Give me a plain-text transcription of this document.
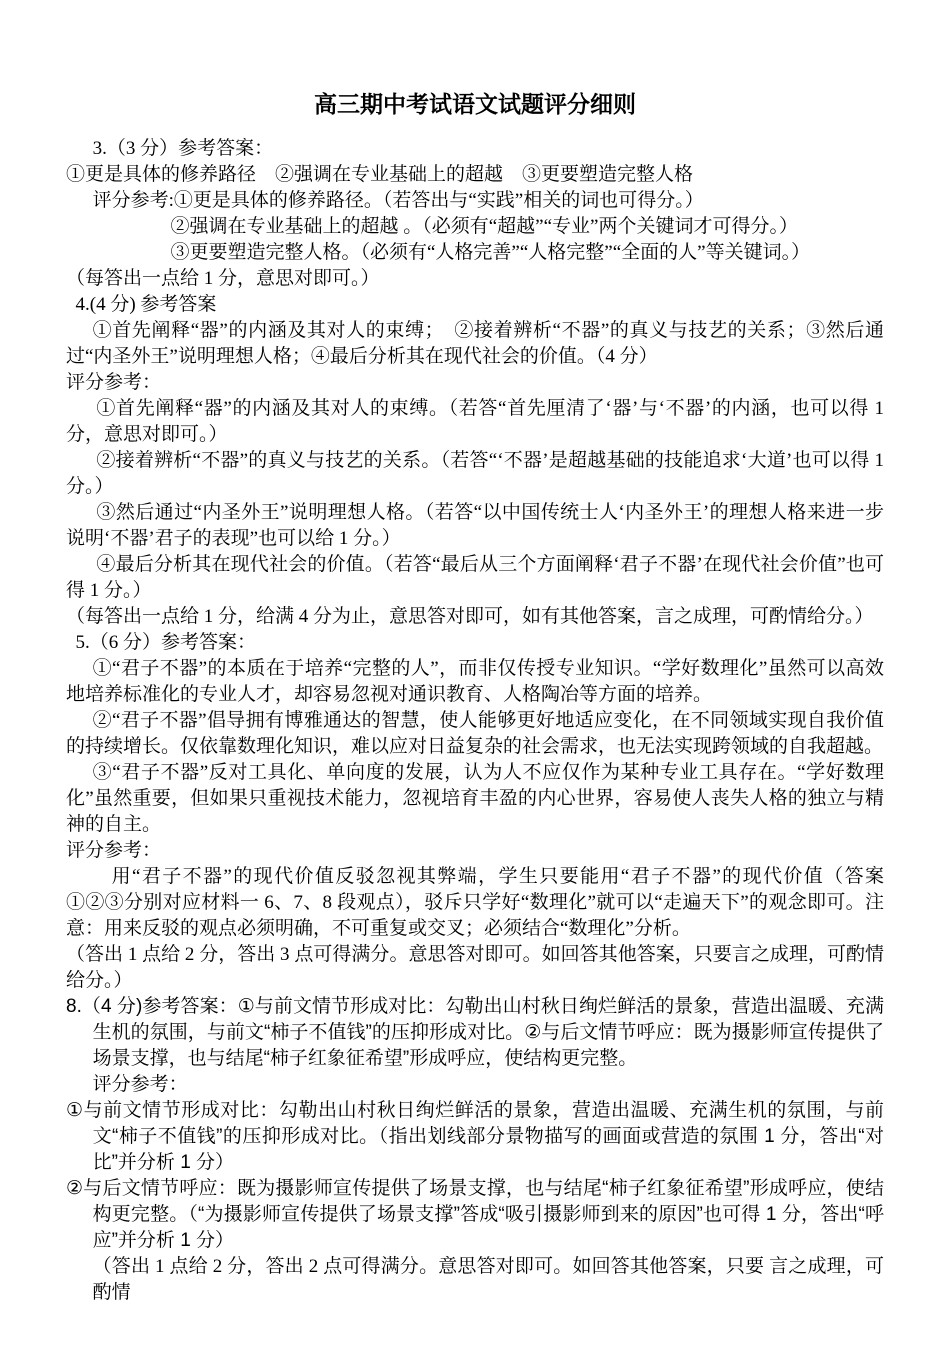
高三期中考试语文试题评分细则
3.（3 分）参考答案：
①更是具体的修养路径　②强调在专业基础上的超越　③更要塑造完整人格
评分参考:①更是具体的修养路径。（若答出与“实践”相关的词也可得分。）
②强调在专业基础上的超越 。（必须有“超越”“专业”两个关键词才可得分。）
③更要塑造完整人格。（必须有“人格完善”“人格完整”“全面的人”等关键词。）
（每答出一点给 1 分，意思对即可。）
4.(4 分) 参考答案
①首先阐释“器”的内涵及其对人的束缚；　②接着辨析“不器”的真义与技艺的关系；③然后通过“内圣外王”说明理想人格；④最后分析其在现代社会的价值。（4 分）
评分参考：
①首先阐释“器”的内涵及其对人的束缚。（若答“首先厘清了‘器’与‘不器’的内涵，也可以得 1 分，意思对即可。）
②接着辨析“不器”的真义与技艺的关系。（若答“‘不器’是超越基础的技能追求‘大道’也可以得 1 分。）
③然后通过“内圣外王”说明理想人格。（若答“以中国传统士人‘内圣外王’的理想人格来进一步说明‘不器’君子的表现”也可以给 1 分。）
④最后分析其在现代社会的价值。（若答“最后从三个方面阐释‘君子不器’在现代社会价值”也可得 1 分。）
（每答出一点给 1 分，给满 4 分为止，意思答对即可，如有其他答案，言之成理，可酌情给分。）
5.（6 分）参考答案：
①“君子不器”的本质在于培养“完整的人”，而非仅传授专业知识。“学好数理化”虽然可以高效地培养标准化的专业人才，却容易忽视对通识教育、人格陶冶等方面的培养。
②“君子不器”倡导拥有博雅通达的智慧，使人能够更好地适应变化，在不同领域实现自我价值的持续增长。仅依靠数理化知识，难以应对日益复杂的社会需求，也无法实现跨领域的自我超越。
③“君子不器”反对工具化、单向度的发展，认为人不应仅作为某种专业工具存在。“学好数理化”虽然重要，但如果只重视技术能力，忽视培育丰盈的内心世界，容易使人丧失人格的独立与精神的自主。
评分参考：
用“君子不器”的现代价值反驳忽视其弊端，学生只要能用“君子不器”的现代价值（答案①②③分别对应材料一 6、7、8 段观点），驳斥只学好“数理化”就可以“走遍天下”的观念即可。注意：用来反驳的观点必须明确，不可重复或交叉；必须结合“数理化”分析。
（答出 1 点给 2 分，答出 3 点可得满分。意思答对即可。如回答其他答案，只要言之成理，可酌情给分。）
8.（4 分)参考答案：①与前文情节形成对比：勾勒出山村秋日绚烂鲜活的景象，营造出温暖、充满生机的氛围，与前文“柿子不值钱”的压抑形成对比。②与后文情节呼应：既为摄影师宣传提供了场景支撑，也与结尾“柿子红象征希望”形成呼应，使结构更完整。
评分参考：
①与前文情节形成对比：勾勒出山村秋日绚烂鲜活的景象，营造出温暖、充满生机的氛围，与前文“柿子不值钱”的压抑形成对比。（指出划线部分景物描写的画面或营造的氛围 1 分，答出“对比”并分析 1 分）
②与后文情节呼应：既为摄影师宣传提供了场景支撑，也与结尾“柿子红象征希望”形成呼应，使结构更完整。（“为摄影师宣传提供了场景支撑”答成“吸引摄影师到来的原因”也可得 1 分，答出“呼应”并分析 1 分）
（答出 1 点给 2 分，答出 2 点可得满分。意思答对即可。如回答其他答案，只要 言之成理，可酌情
